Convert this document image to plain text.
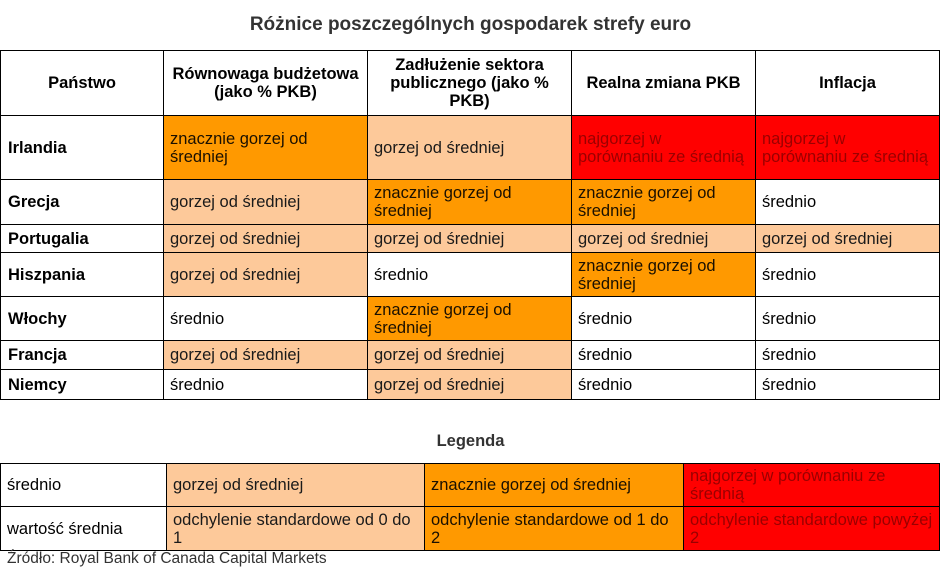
Różnice poszczególnych gospodarek strefy euro
Państwo	Równowaga budżetowa (jako % PKB)	Zadłużenie sektora publicznego (jako % PKB)	Realna zmiana PKB	Inflacja
Irlandia	znacznie gorzej od średniej	gorzej od średniej	najgorzej w porównaniu ze średnią	najgorzej w porównaniu ze średnią
Grecja	gorzej od średniej	znacznie gorzej od średniej	znacznie gorzej od średniej	średnio
Portugalia	gorzej od średniej	gorzej od średniej	gorzej od średniej	gorzej od średniej
Hiszpania	gorzej od średniej	średnio	znacznie gorzej od średniej	średnio
Włochy	średnio	znacznie gorzej od średniej	średnio	średnio
Francja	gorzej od średniej	gorzej od średniej	średnio	średnio
Niemcy	średnio	gorzej od średniej	średnio	średnio
Legenda
średnio	gorzej od średniej	znacznie gorzej od średniej	najgorzej w porównaniu ze średnią
wartość średnia	odchylenie standardowe od 0 do 1	odchylenie standardowe od 1 do 2	odchylenie standardowe powyżej 2
Źródło: Royal Bank of Canada Capital Markets
